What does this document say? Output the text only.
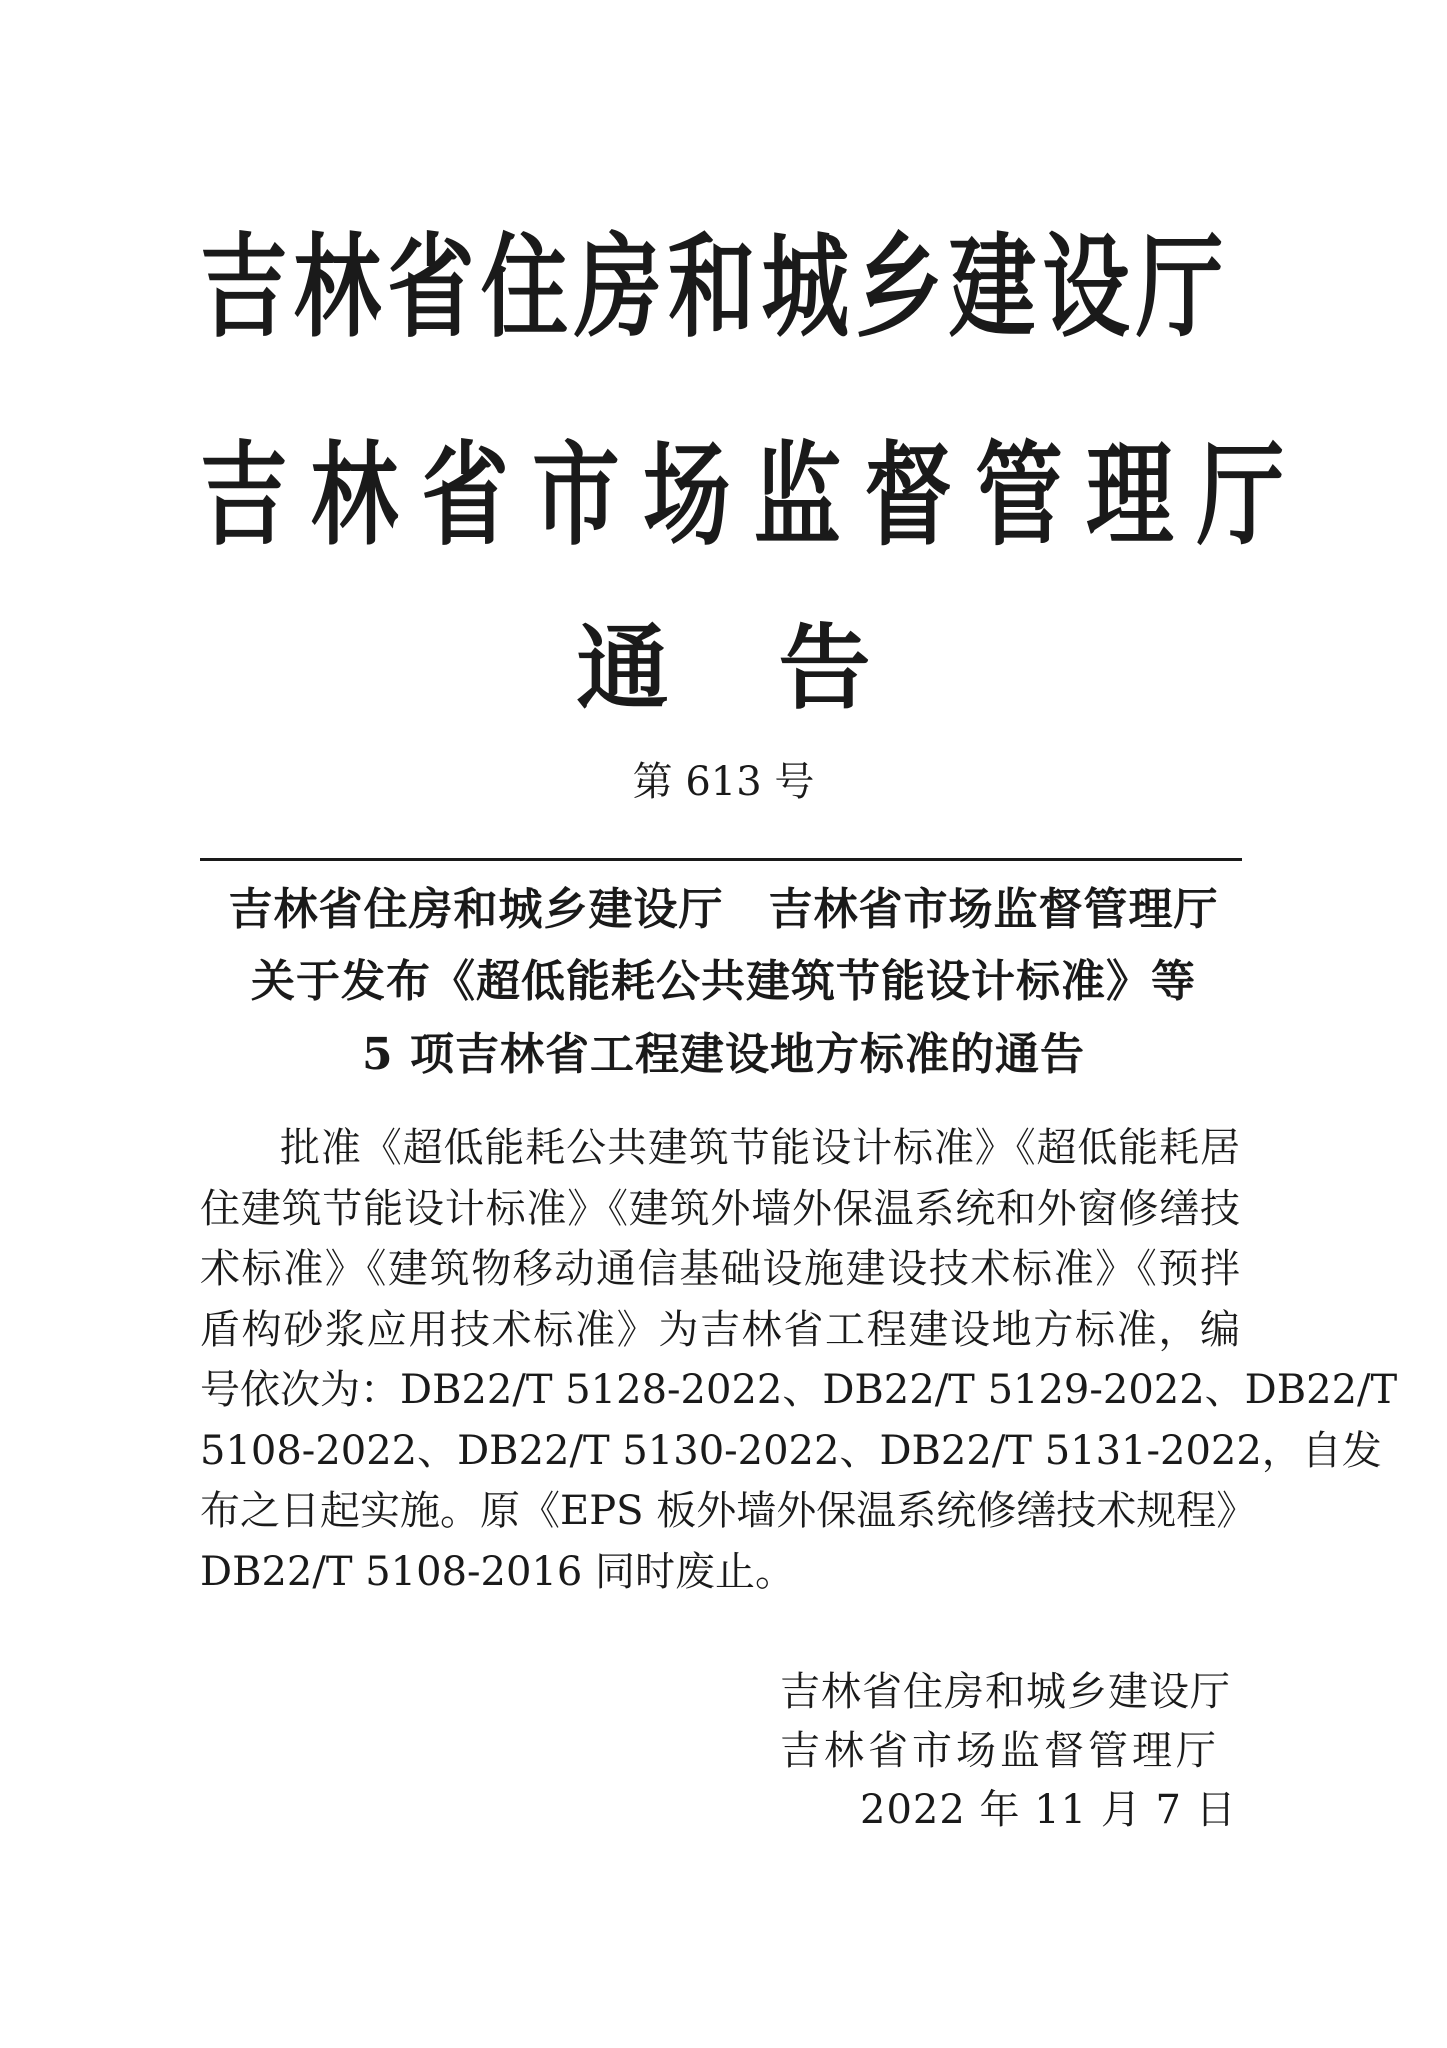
吉林省住房和城乡建设厅
吉林省市场监督管理厅
通告
第 613 号
吉林省住房和城乡建设厅　吉林省市场监督管理厅
关于发布《超低能耗公共建筑节能设计标准》等
5 项吉林省工程建设地方标准的通告
批准《超低能耗公共建筑节能设计标准》《超低能耗居
住建筑节能设计标准》《建筑外墙外保温系统和外窗修缮技
术标准》《建筑物移动通信基础设施建设技术标准》《预拌
盾构砂浆应用技术标准》为吉林省工程建设地方标准，编
号依次为：DB22/T 5128-2022、DB22/T 5129-2022、DB22/T
5108-2022、DB22/T 5130-2022、DB22/T 5131-2022，自发
布之日起实施。原《EPS 板外墙外保温系统修缮技术规程》
DB22/T 5108-2016 同时废止。
吉林省住房和城乡建设厅
吉林省市场监督管理厅
2022 年 11 月 7 日
